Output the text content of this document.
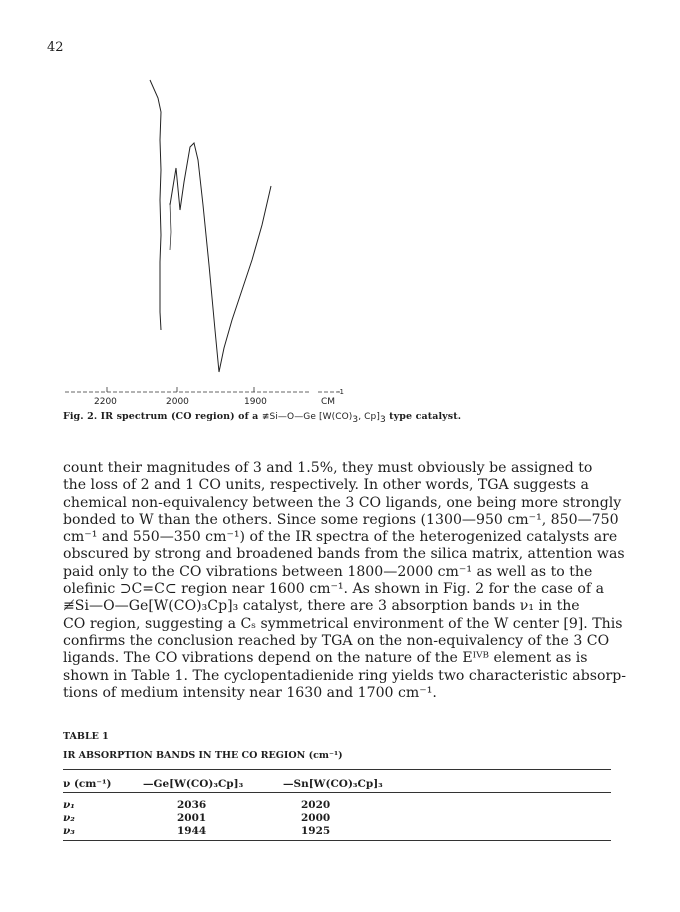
42
2200	2000	1900	CM
-1
Fig. 2. IR spectrum (CO region) of a ≢Si—O—Ge [$W(CO)_3$, $Cp]_3$ type catalyst.

count their magnitudes of 3 and 1.5%, they must obviously be assigned to

the loss of 2 and 1 CO units, respectively. In other words, TGA suggests a

chemical non-equivalency between the 3 CO ligands, one being more strongly

bonded to W than the others. Since some regions (1300—950 cm⁻¹, 850—750

cm⁻¹ and 550—350 cm⁻¹) of the IR spectra of the heterogenized catalysts are

obscured by strong and broadened bands from the silica matrix, attention was

paid only to the CO vibrations between 1800—2000 cm⁻¹ as well as to the

olefinic ⊃C=C⊂ region near 1600 cm⁻¹. As shown in Fig. 2 for the case of a

≢Si—O—Ge[W(CO)₃Cp]₃ catalyst, there are 3 absorption bands ν₁ in the

CO region, suggesting a Cₛ symmetrical environment of the W center [9]. This

confirms the conclusion reached by TGA on the non-equivalency of the 3 CO

ligands. The CO vibrations depend on the nature of the Eᴵⱽᴮ element as is

shown in Table 1. The cyclopentadienide ring yields two characteristic absorp-

tions of medium intensity near 1630 and 1700 cm⁻¹.

TABLE 1
IR ABSORPTION BANDS IN THE CO REGION (cm⁻¹)
ν (cm⁻¹)	—Ge[W(CO)₃Cp]₃	—Sn[W(CO)₃Cp]₃

ν₁	2036	2020
ν₂	2001	2000
ν₃	1944	1925
